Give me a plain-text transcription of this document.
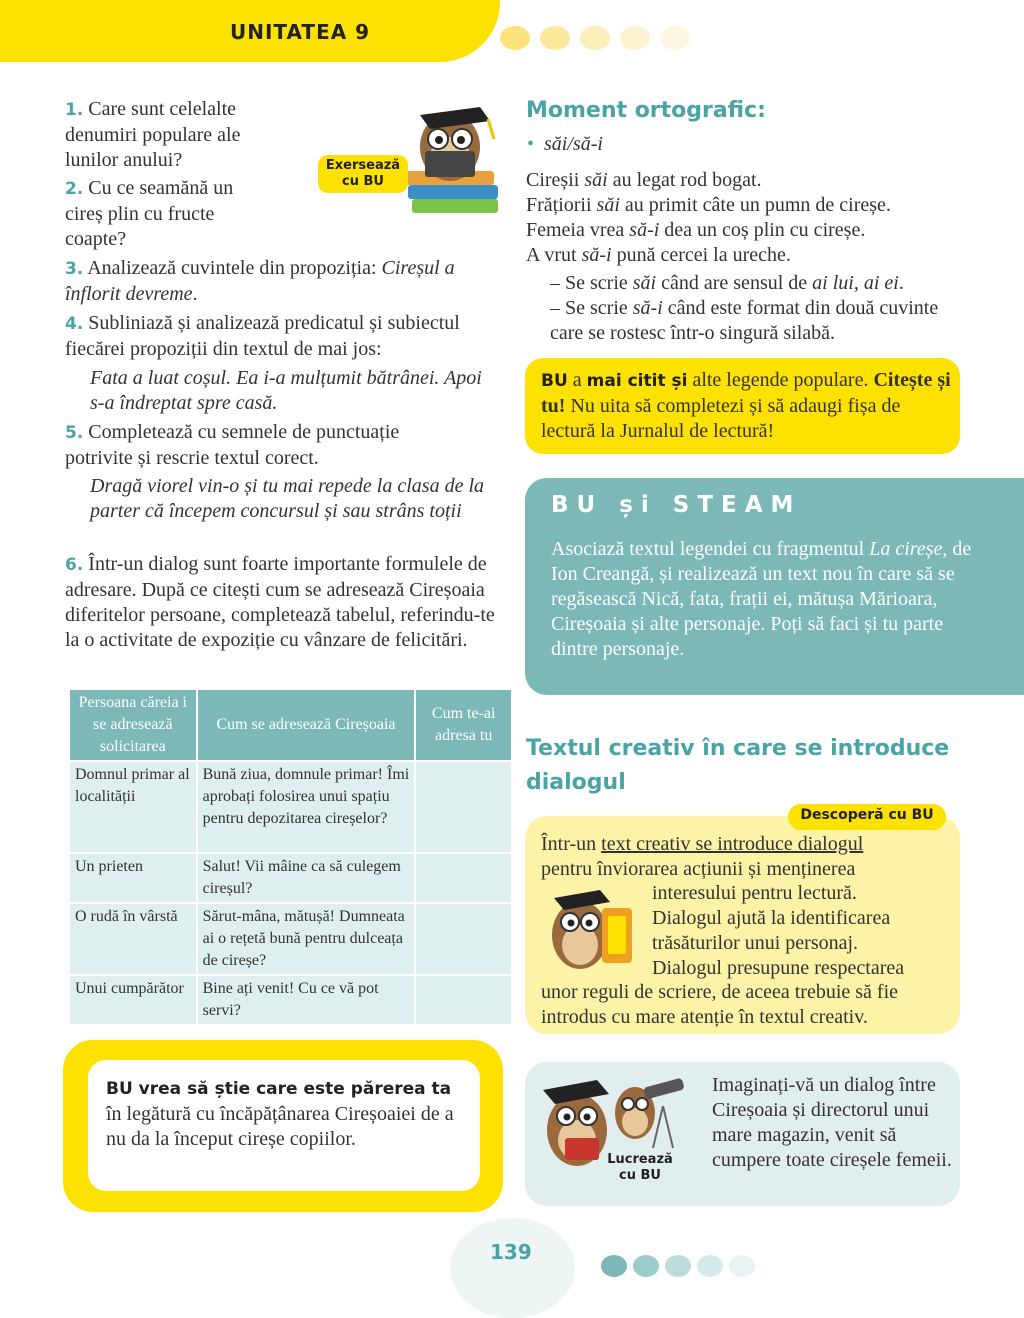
UNITATEA 9
Exersează
cu BU
1. Care sunt celelalte denumiri populare ale lunilor anului?
2. Cu ce seamănă un cireș plin cu fructe coapte?
3. Analizează cuvintele din propoziția: Cireșul a înflorit devreme.
4. Subliniază și analizează predicatul și subiectul fiecărei propoziții din textul de mai jos:
Fata a luat coșul. Ea i-a mulțumit bătrânei. Apoi s-a îndreptat spre casă.
5. Completează cu semnele de punctuație potrivite și rescrie textul corect.
Dragă viorel vin-o și tu mai repede la clasa de la parter că începem concursul și sau strâns toții
6. Într-un dialog sunt foarte importante formulele de adresare. După ce citești cum se adresează Cireșoaia diferitelor persoane, completează tabelul, referindu-te la o activitate de expoziție cu vânzare de felicitări.
Persoana căreia i se adresează solicitarea	Cum se adresează Cireșoaia	Cum te-ai adresa tu
Domnul primar al localității	Bună ziua, domnule primar! Îmi aprobați folosirea unui spațiu pentru depozitarea cireșelor?	
Un prieten	Salut! Vii mâine ca să culegem cireșul?	
O rudă în vârstă	Sărut-mâna, mătușă! Dumneata ai o rețetă bună pentru dulceața de cireșe?	
Unui cumpărător	Bine ați venit! Cu ce vă pot servi?	
BU vrea să știe care este părerea ta în legătură cu încăpățânarea Cireșoaiei de a nu da la început cireșe copiilor.
Moment ortografic:
• săi/să-i
Cireșii săi au legat rod bogat.
Frățiorii săi au primit câte un pumn de cireșe.
Femeia vrea să-i dea un coș plin cu cireșe.
A vrut să-i pună cercei la ureche.
– Se scrie săi când are sensul de ai lui, ai ei.
– Se scrie să-i când este format din două cuvinte care se rostesc într-o singură silabă.
BU a mai citit și alte legende populare. Citește și tu! Nu uita să completezi și să adaugi fișa de lectură la Jurnalul de lectură!
BU și STEAM
Asociază textul legendei cu fragmentul La cireșe, de Ion Creangă, și realizează un text nou în care să se regăsească Nică, fata, frații ei, mătușa Mărioara, Cireșoaia și alte personaje. Poți să faci și tu parte dintre personaje.
Textul creativ în care se introduce dialogul
Descoperă cu BU
Într-un text creativ se introduce dialogul
pentru înviorarea acțiunii și menținerea
interesului pentru lectură.
Dialogul ajută la identificarea
trăsăturilor unui personaj.
Dialogul presupune respectarea
unor reguli de scriere, de aceea trebuie să fie introdus cu mare atenție în textul creativ.
Lucrează
cu BU
Imaginați-vă un dialog între Cireșoaia și directorul unui mare magazin, venit să cumpere toate cireșele femeii.
139
